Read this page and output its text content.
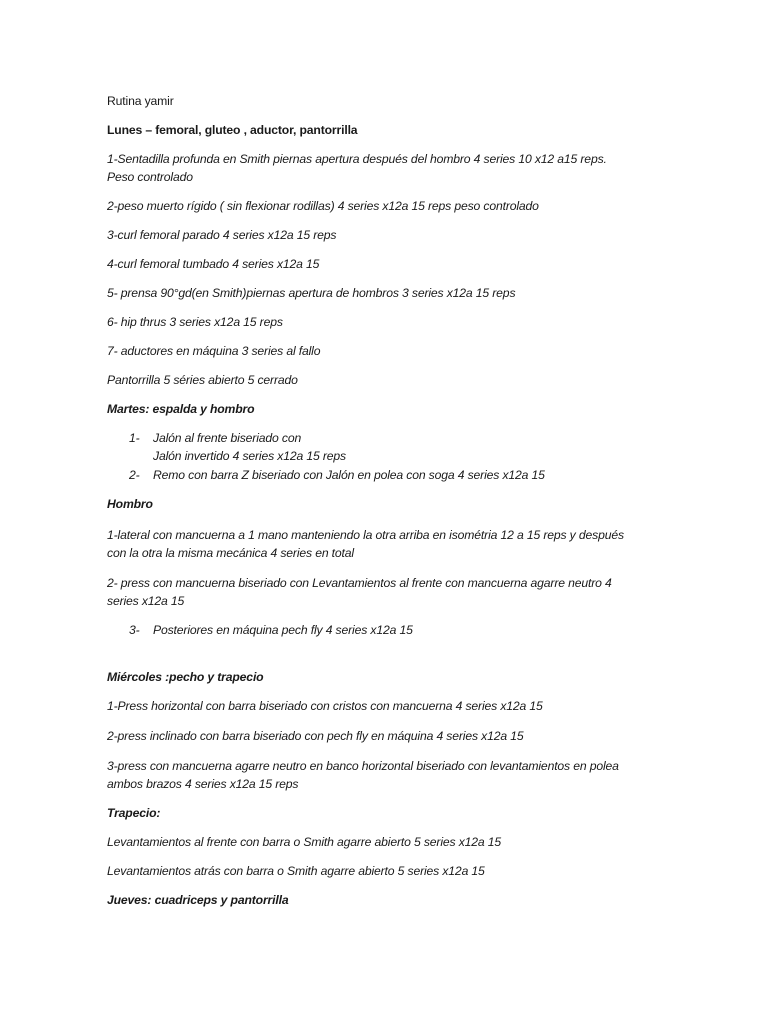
Rutina yamir
Lunes – femoral, gluteo , aductor, pantorrilla
1-Sentadilla profunda en Smith piernas apertura después del hombro 4 series 10 x12 a15 reps.
Peso controlado
2-peso muerto rígido ( sin flexionar rodillas) 4 series x12a 15 reps peso controlado
3-curl femoral parado 4 series x12a 15 reps
4-curl femoral tumbado 4 series x12a 15
5- prensa 90°gd(en Smith)piernas apertura de hombros 3 series x12a 15 reps
6- hip thrus 3 series x12a 15 reps
7- aductores en máquina 3 series al fallo
Pantorrilla 5 séries abierto 5 cerrado
Martes: espalda y hombro
1- Jalón al frente biseriado con
Jalón invertido 4 series x12a 15 reps
2- Remo con barra Z biseriado con Jalón en polea con soga 4 series x12a 15
Hombro
1-lateral con mancuerna a 1 mano manteniendo la otra arriba en isométria 12 a 15 reps y después
con la otra la misma mecánica 4 series en total
2- press con mancuerna biseriado con Levantamientos al frente con mancuerna agarre neutro 4
series x12a 15
3- Posteriores en máquina pech fly 4 series x12a 15
Miércoles :pecho y trapecio
1-Press horizontal con barra biseriado con cristos con mancuerna 4 series x12a 15
2-press inclinado con barra biseriado con pech fly en máquina 4 series x12a 15
3-press con mancuerna agarre neutro en banco horizontal biseriado con levantamientos en polea
ambos brazos 4 series x12a 15 reps
Trapecio:
Levantamientos al frente con barra o Smith agarre abierto 5 series x12a 15
Levantamientos atrás con barra o Smith agarre abierto 5 series x12a 15
Jueves: cuadriceps y pantorrilla
